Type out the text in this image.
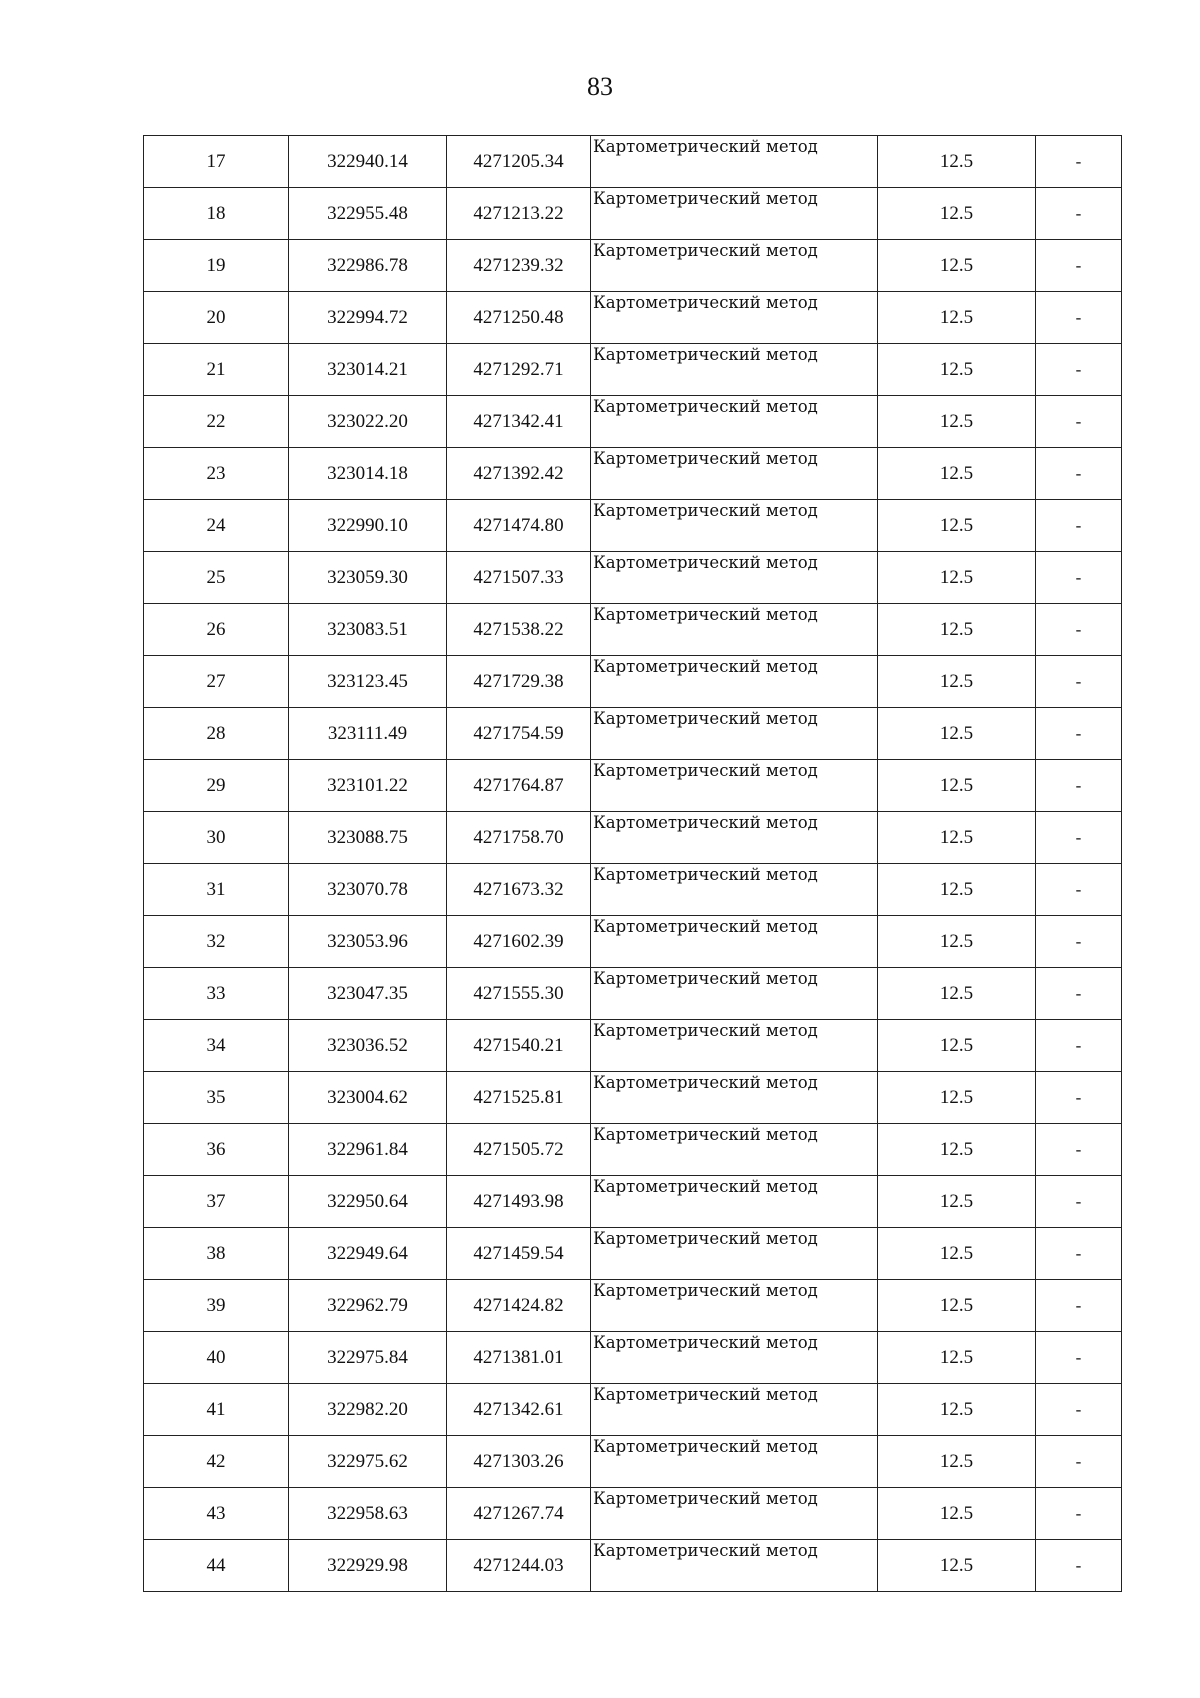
83
17	322940.14	4271205.34	Картометрический метод	12.5	-
18	322955.48	4271213.22	Картометрический метод	12.5	-
19	322986.78	4271239.32	Картометрический метод	12.5	-
20	322994.72	4271250.48	Картометрический метод	12.5	-
21	323014.21	4271292.71	Картометрический метод	12.5	-
22	323022.20	4271342.41	Картометрический метод	12.5	-
23	323014.18	4271392.42	Картометрический метод	12.5	-
24	322990.10	4271474.80	Картометрический метод	12.5	-
25	323059.30	4271507.33	Картометрический метод	12.5	-
26	323083.51	4271538.22	Картометрический метод	12.5	-
27	323123.45	4271729.38	Картометрический метод	12.5	-
28	323111.49	4271754.59	Картометрический метод	12.5	-
29	323101.22	4271764.87	Картометрический метод	12.5	-
30	323088.75	4271758.70	Картометрический метод	12.5	-
31	323070.78	4271673.32	Картометрический метод	12.5	-
32	323053.96	4271602.39	Картометрический метод	12.5	-
33	323047.35	4271555.30	Картометрический метод	12.5	-
34	323036.52	4271540.21	Картометрический метод	12.5	-
35	323004.62	4271525.81	Картометрический метод	12.5	-
36	322961.84	4271505.72	Картометрический метод	12.5	-
37	322950.64	4271493.98	Картометрический метод	12.5	-
38	322949.64	4271459.54	Картометрический метод	12.5	-
39	322962.79	4271424.82	Картометрический метод	12.5	-
40	322975.84	4271381.01	Картометрический метод	12.5	-
41	322982.20	4271342.61	Картометрический метод	12.5	-
42	322975.62	4271303.26	Картометрический метод	12.5	-
43	322958.63	4271267.74	Картометрический метод	12.5	-
44	322929.98	4271244.03	Картометрический метод	12.5	-
